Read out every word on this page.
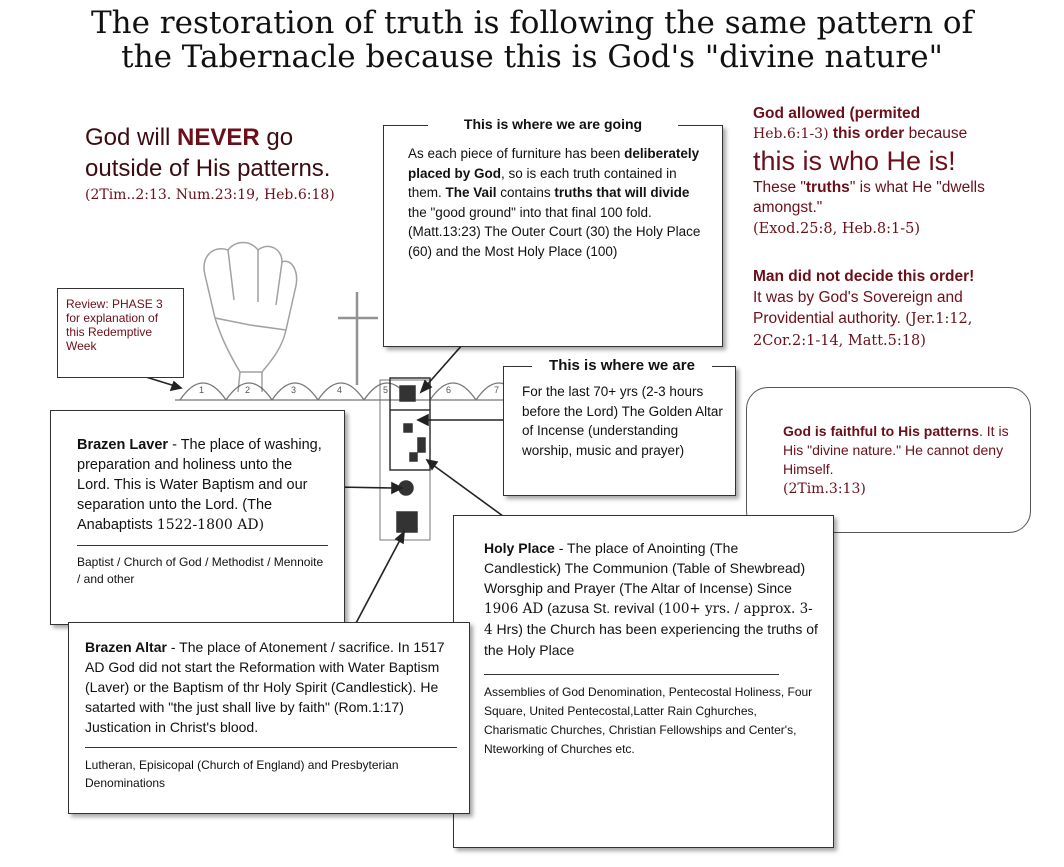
The restoration of truth is following the same pattern of
the Tabernacle because this is God's "divine nature"
1	2	3	4	5	6	7
God will NEVER go
outside of His patterns.
(2Tim..2:13. Num.23:19, Heb.6:18)
Review: PHASE 3 for explanation of this Redemptive Week
This is where we are going

As each piece of furniture has been deliberately placed by God, so is each truth contained in them. The Vail contains truths that will divide the "good ground" into that final 100 fold. (Matt.13:23) The Outer Court (30) the Holy Place (60) and the Most Holy Place (100)

God allowed (permited
Heb.6:1-3) this order because
this is who He is!
These "truths" is what He "dwells amongst."
(Exod.25:8, Heb.8:1-5)
Man did not decide this order!
It was by God's Sovereign and Providential authority. (Jer.1:12, 2Cor.2:1-14, Matt.5:18)
This is where we are

For the last 70+ yrs (2-3 hours before the Lord) The Golden Altar of Incense (understanding worship, music and prayer)

God is faithful to His patterns. It is His "divine nature." He cannot deny Himself.

(2Tim.3:13)

Brazen Laver - The place of washing, preparation and holiness unto the Lord. This is Water Baptism and our separation unto the Lord. (The Anabaptists 1522-1800 AD)

Baptist / Church of God / Methodist / Mennoite / and other

Holy Place - The place of Anointing (The Candlestick) The Communion (Table of Shewbread) Worsghip and Prayer (The Altar of Incense) Since 1906 AD (azusa St. revival (100+ yrs. / approx. 3-4 Hrs) the Church has been experiencing the truths of the Holy Place

Assemblies of God Denomination, Pentecostal Holiness, Four Square, United Pentecostal,Latter Rain Cghurches, Charismatic Churches, Christian Fellowships and Center's, Nteworking of Churches etc.

Brazen Altar - The place of Atonement / sacrifice. In 1517 AD God did not start the Reformation with Water Baptism (Laver) or the Baptism of thr Holy Spirit (Candlestick). He satarted with "the just shall live by faith" (Rom.1:17) Justication in Christ's blood.

Lutheran, Episicopal (Church of England) and Presbyterian Denominations
